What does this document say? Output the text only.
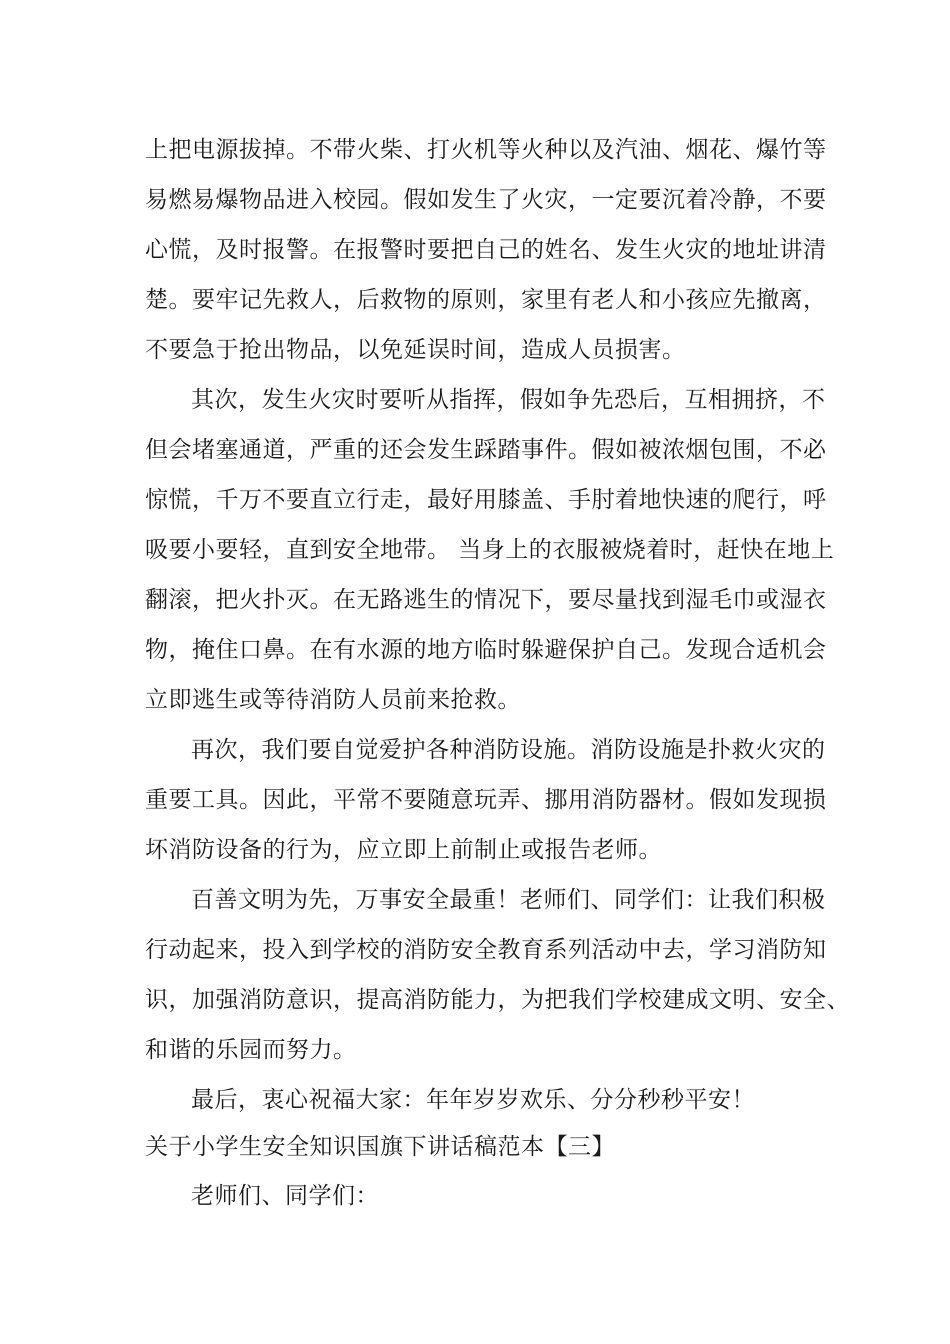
上把电源拔掉。不带火柴、打火机等火种以及汽油、烟花、爆竹等
易燃易爆物品进入校园。假如发生了火灾，一定要沉着冷静，不要
心慌，及时报警。在报警时要把自己的姓名、发生火灾的地址讲清
楚。要牢记先救人，后救物的原则，家里有老人和小孩应先撤离，
不要急于抢出物品，以免延误时间，造成人员损害。
其次，发生火灾时要听从指挥，假如争先恐后，互相拥挤，不
但会堵塞通道，严重的还会发生踩踏事件。假如被浓烟包围，不必
惊慌，千万不要直立行走，最好用膝盖、手肘着地快速的爬行，呼
吸要小要轻，直到安全地带。 当身上的衣服被烧着时，赶快在地上
翻滚，把火扑灭。在无路逃生的情况下，要尽量找到湿毛巾或湿衣
物，掩住口鼻。在有水源的地方临时躲避保护自己。发现合适机会
立即逃生或等待消防人员前来抢救。
再次，我们要自觉爱护各种消防设施。消防设施是扑救火灾的
重要工具。因此，平常不要随意玩弄、挪用消防器材。假如发现损
坏消防设备的行为，应立即上前制止或报告老师。
百善文明为先，万事安全最重！老师们、同学们：让我们积极
行动起来，投入到学校的消防安全教育系列活动中去，学习消防知
识，加强消防意识，提高消防能力，为把我们学校建成文明、安全、
和谐的乐园而努力。
最后，衷心祝福大家：年年岁岁欢乐、分分秒秒平安！
关于小学生安全知识国旗下讲话稿范本【三】
老师们、同学们：
